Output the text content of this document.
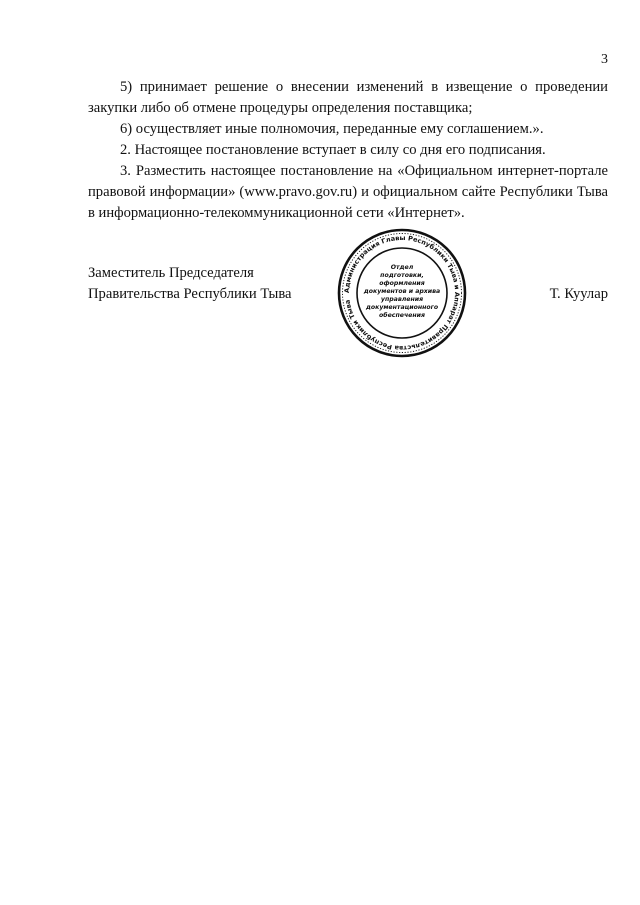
3

5) принимает решение о внесении изменений в извещение о проведении закупки либо об отмене процедуры определения поставщика;

6) осуществляет иные полномочия, переданные ему соглашением.».

2. Настоящее постановление вступает в силу со дня его подписания.

3. Разместить настоящее постановление на «Официальном интернет-портале правовой информации» (www.pravo.gov.ru) и официальном сайте Республики Тыва в информационно-телекоммуникационной сети «Интернет».

Заместитель Председателя
Правительства Республики Тыва	Администрация Главы Республики Тыва и Аппарат Правительства Республики Тыва
Отдел
подготовки,
оформления
документов и архива
управления
документационного
обеспечения
Т. Куулар
